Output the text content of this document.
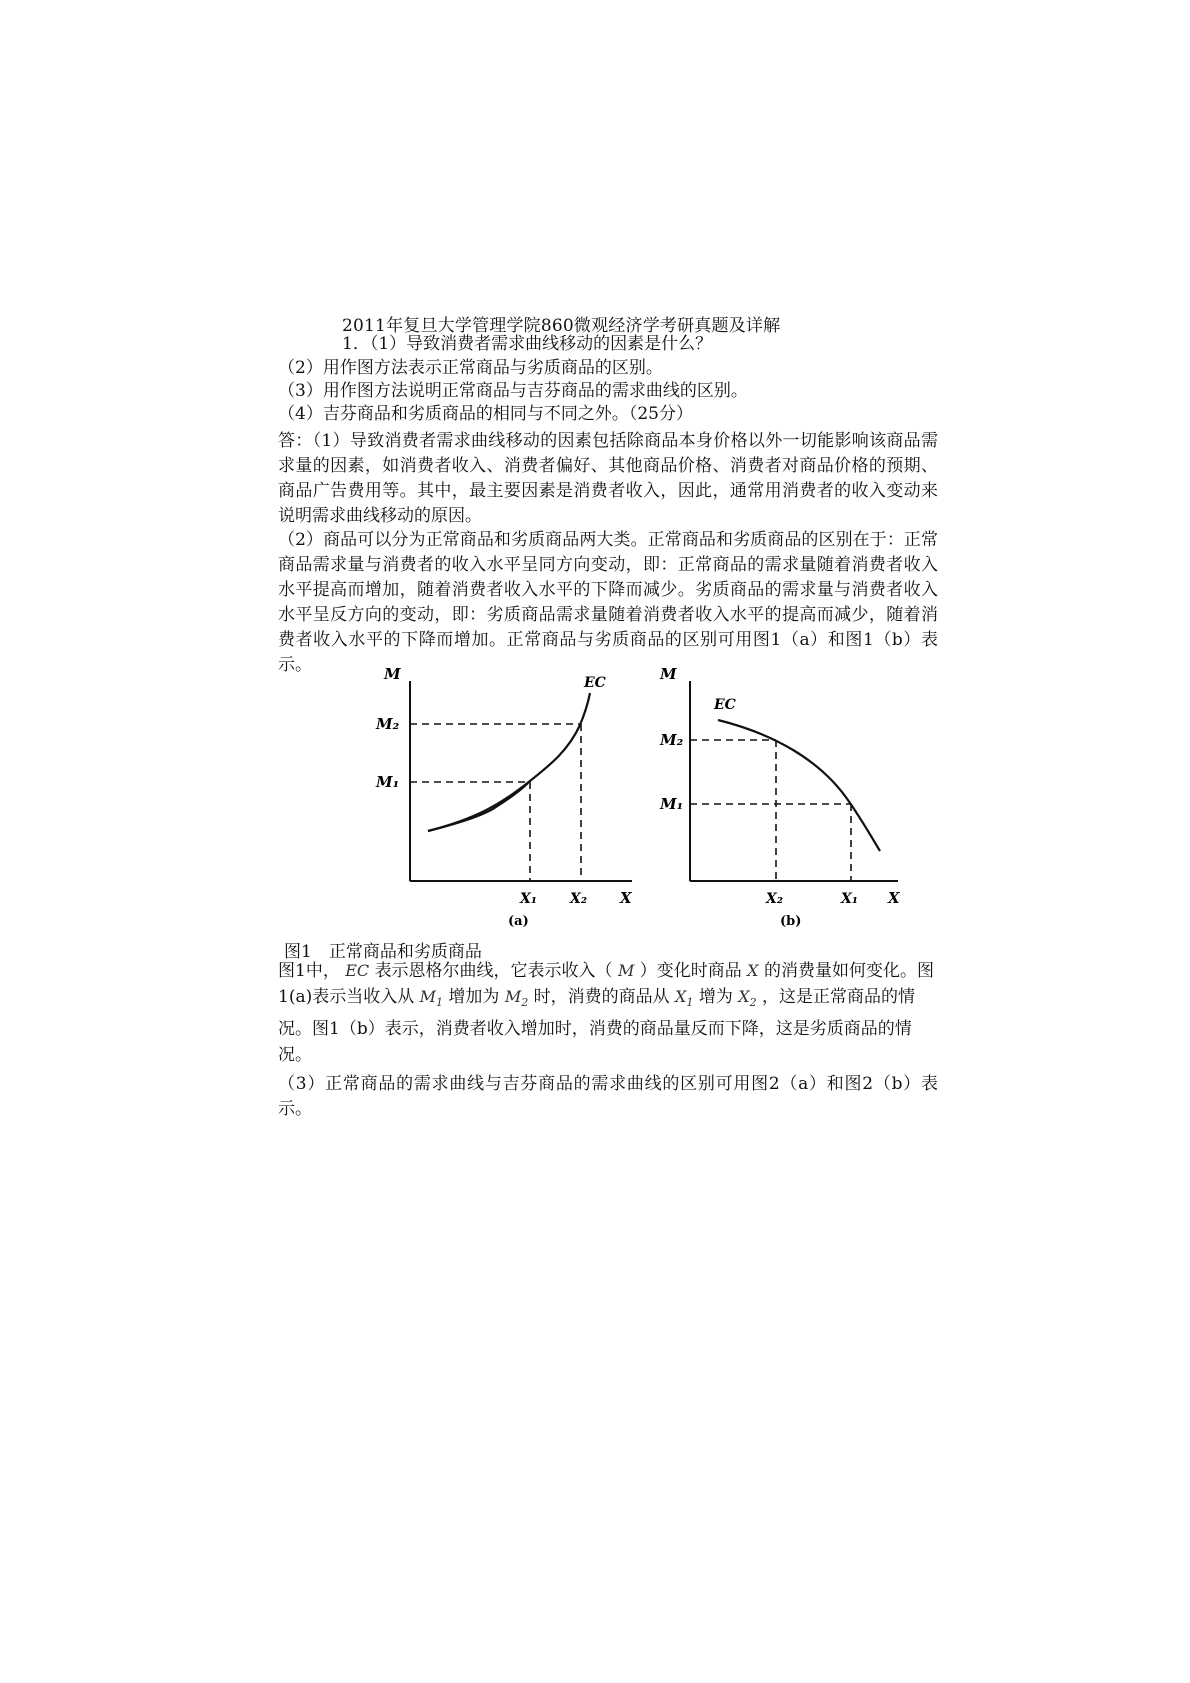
2011年复旦大学管理学院860微观经济学考研真题及详解
1．（1）导致消费者需求曲线移动的因素是什么？
（2）用作图方法表示正常商品与劣质商品的区别。
（3）用作图方法说明正常商品与吉芬商品的需求曲线的区别。
（4）吉芬商品和劣质商品的相同与不同之外。（25分）
答：（1）导致消费者需求曲线移动的因素包括除商品本身价格以外一切能影响该商品需求量的因素，如消费者收入、消费者偏好、其他商品价格、消费者对商品价格的预期、商品广告费用等。其中，最主要因素是消费者收入，因此，通常用消费者的收入变动来说明需求曲线移动的原因。
（2）商品可以分为正常商品和劣质商品两大类。正常商品和劣质商品的区别在于：正常商品需求量与消费者的收入水平呈同方向变动，即：正常商品的需求量随着消费者收入水平提高而增加，随着消费者收入水平的下降而减少。劣质商品的需求量与消费者收入水平呈反方向的变动，即：劣质商品需求量随着消费者收入水平的提高而减少，随着消费者收入水平的下降而增加。正常商品与劣质商品的区别可用图1（a）和图1（b）表示。	M
M₂
M₁
EC
X₁ X₂ X
(a)
M
EC
M₂
M₁
X₂	X₁ X
(b)
图1　正常商品和劣质商品
图1中， EC 表示恩格尔曲线，它表示收入（ M ）变化时商品 X 的消费量如何变化。图1(a)表示当收入从 $M_1$ 增加为 $M_2$ 时，消费的商品从 $X_1$ 增为 $X_2$ ，这是正常商品的情况。图1（b）表示，消费者收入增加时，消费的商品量反而下降，这是劣质商品的情况。
（3）正常商品的需求曲线与吉芬商品的需求曲线的区别可用图2（a）和图2（b）表示。
